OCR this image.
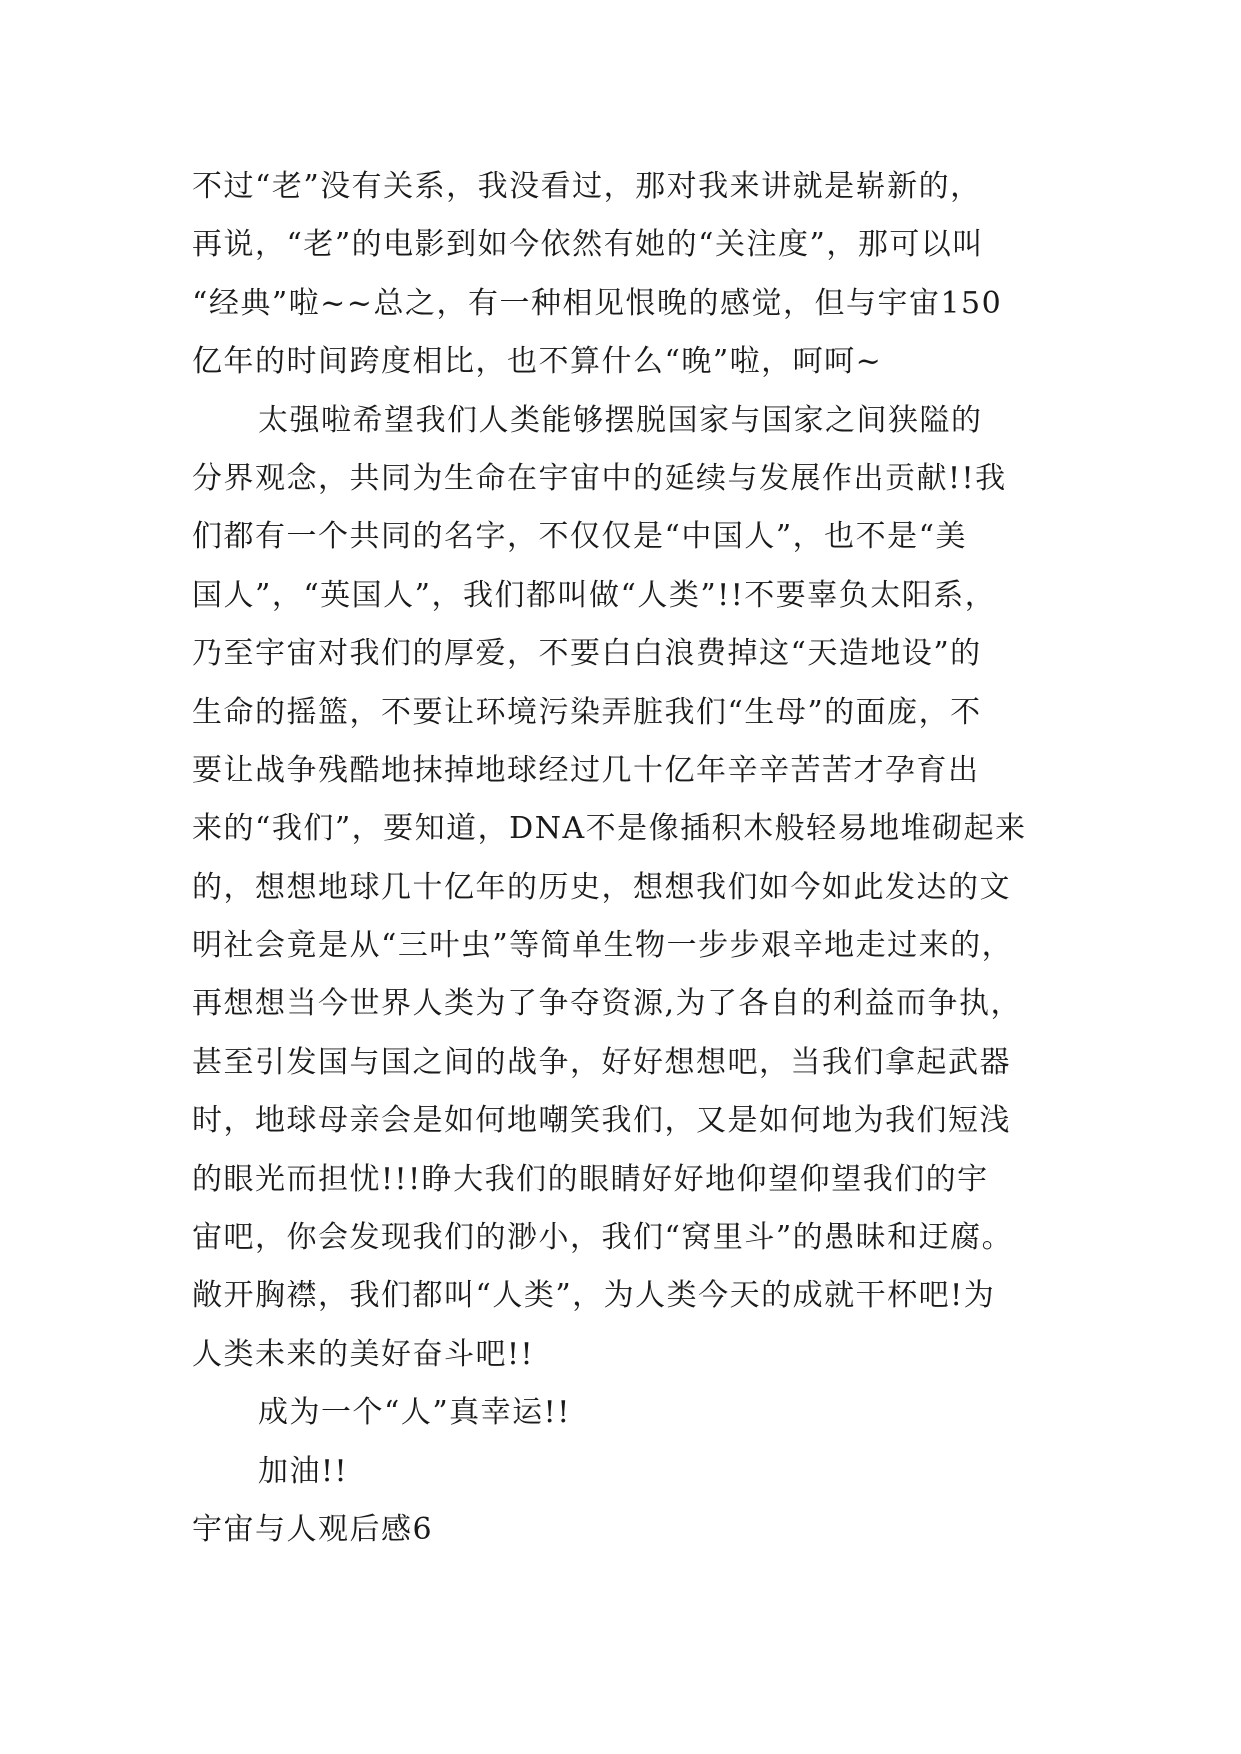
不过“老”没有关系，我没看过，那对我来讲就是崭新的，
再说，“老”的电影到如今依然有她的“关注度”，那可以叫
“经典”啦~~总之，有一种相见恨晚的感觉，但与宇宙150
亿年的时间跨度相比，也不算什么“晚”啦，呵呵~
太强啦希望我们人类能够摆脱国家与国家之间狭隘的
分界观念，共同为生命在宇宙中的延续与发展作出贡献!!我
们都有一个共同的名字，不仅仅是“中国人”，也不是“美
国人”，“英国人”，我们都叫做“人类”!!不要辜负太阳系，
乃至宇宙对我们的厚爱，不要白白浪费掉这“天造地设”的
生命的摇篮，不要让环境污染弄脏我们“生母”的面庞，不
要让战争残酷地抹掉地球经过几十亿年辛辛苦苦才孕育出
来的“我们”，要知道，DNA不是像插积木般轻易地堆砌起来
的，想想地球几十亿年的历史，想想我们如今如此发达的文
明社会竟是从“三叶虫”等简单生物一步步艰辛地走过来的，
再想想当今世界人类为了争夺资源,为了各自的利益而争执，
甚至引发国与国之间的战争，好好想想吧，当我们拿起武器
时，地球母亲会是如何地嘲笑我们，又是如何地为我们短浅
的眼光而担忧!!!睁大我们的眼睛好好地仰望仰望我们的宇
宙吧，你会发现我们的渺小，我们“窝里斗”的愚昧和迂腐。
敞开胸襟，我们都叫“人类”，为人类今天的成就干杯吧!为
人类未来的美好奋斗吧!!
成为一个“人”真幸运!!
加油!!
宇宙与人观后感6
